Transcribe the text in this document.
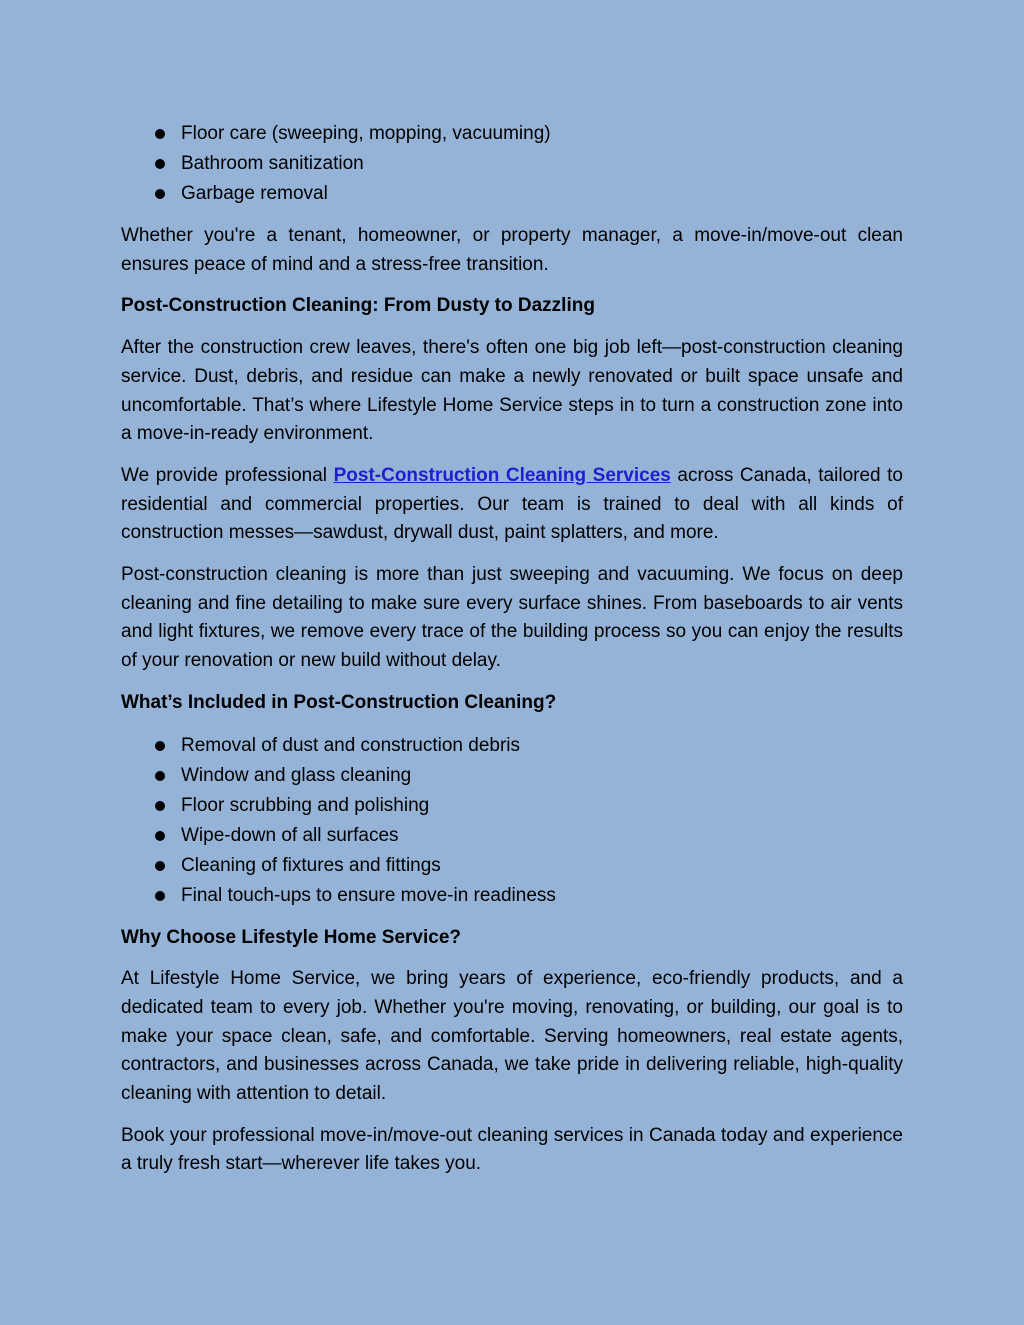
Floor care (sweeping, mopping, vacuuming)
Bathroom sanitization
Garbage removal

Whether you're a tenant, homeowner, or property manager, a move-in/move-out clean ensures peace of mind and a stress-free transition.

Post-Construction Cleaning: From Dusty to Dazzling

After the construction crew leaves, there's often one big job left—post-construction cleaning service. Dust, debris, and residue can make a newly renovated or built space unsafe and uncomfortable. That’s where Lifestyle Home Service steps in to turn a construction zone into a move-in-ready environment.

We provide professional Post-Construction Cleaning Services across Canada, tailored to residential and commercial properties. Our team is trained to deal with all kinds of construction messes—sawdust, drywall dust, paint splatters, and more.

Post-construction cleaning is more than just sweeping and vacuuming. We focus on deep cleaning and fine detailing to make sure every surface shines. From baseboards to air vents and light fixtures, we remove every trace of the building process so you can enjoy the results of your renovation or new build without delay.

What’s Included in Post-Construction Cleaning?
Removal of dust and construction debris
Window and glass cleaning
Floor scrubbing and polishing
Wipe-down of all surfaces
Cleaning of fixtures and fittings
Final touch-ups to ensure move-in readiness
Why Choose Lifestyle Home Service?

At Lifestyle Home Service, we bring years of experience, eco-friendly products, and a dedicated team to every job. Whether you're moving, renovating, or building, our goal is to make your space clean, safe, and comfortable. Serving homeowners, real estate agents, contractors, and businesses across Canada, we take pride in delivering reliable, high-quality cleaning with attention to detail.

Book your professional move-in/move-out cleaning services in Canada today and experience a truly fresh start—wherever life takes you.
